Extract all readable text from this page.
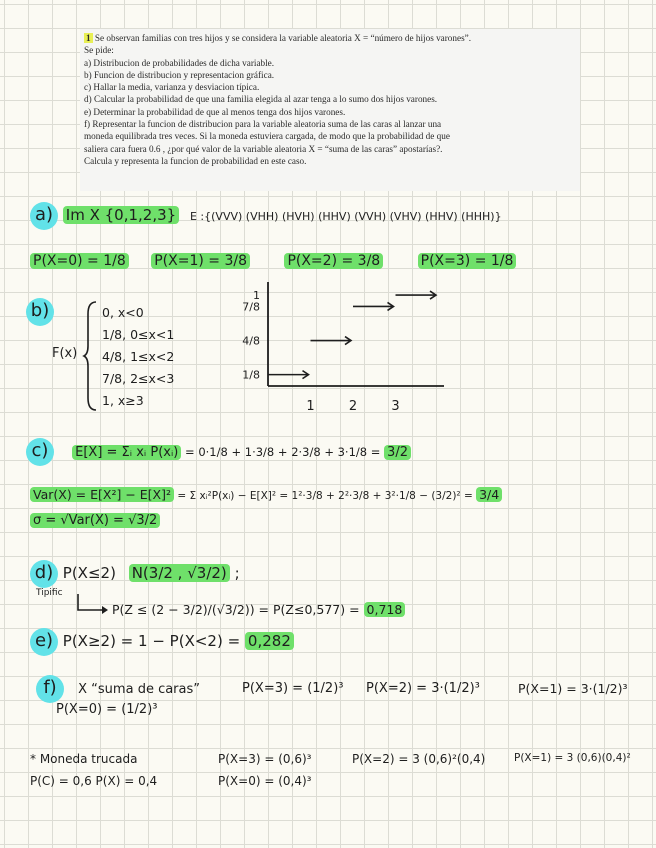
1 Se observan familias con tres hijos y se considera la variable aleatoria X = “número de hijos varones”.
Se pide:
a) Distribucion de probabilidades de dicha variable.
b) Funcion de distribucion y representacion gráfica.
c) Hallar la media, varianza y desviacion típica.
d) Calcular la probabilidad de que una familia elegida al azar tenga a lo sumo dos hijos varones.
e) Determinar la probabilidad de que al menos tenga dos hijos varones.
f) Representar la funcion de distribucion para la variable aleatoria suma de las caras al lanzar una
moneda equilibrada tres veces. Si la moneda estuviera cargada, de modo que la probabilidad de que
saliera cara fuera 0.6 , ¿por qué valor de la variable aleatoria X = “suma de las caras” apostarías?.
Calcula y representa la funcion de probabilidad en este caso.
a) Im X {0,1,2,3} E :{(VVV) (VHH) (HVH) (HHV) (VVH) (VHV) (HHV) (HHH)}
P(X=0) = 1/8 P(X=1) = 3/8	P(X=2) = 3/8	P(X=3) = 1/8
b)
F(x)
0, x<0
1/8, 0≤x<1
4/8, 1≤x<2
7/8, 2≤x<3
1, x≥3	1	2	3
1/8
4/8
7/8
1
c) E[X] = Σᵢ xᵢ P(xᵢ) = 0·1/8 + 1·3/8 + 2·3/8 + 3·1/8 = 3/2
Var(X) = E[X²] − E[X]² = Σ xᵢ²P(xᵢ) − E[X]² = 1²·3/8 + 2²·3/8 + 3²·1/8 − (3/2)² = 3/4
σ = √Var(X) = √3/2
d) P(X≤2) N(3/2 , √3/2) ;
Tipific
P(Z ≤ (2 − 3/2)/(√3/2)) = P(Z≤0,577) = 0,718
e) P(X≥2) = 1 − P(X<2) = 0,282
f) X “suma de caras”	P(X=3) = (1/2)³ P(X=2) = 3·(1/2)³	P(X=1) = 3·(1/2)³
P(X=0) = (1/2)³
* Moneda trucada
P(C) = 0,6 P(X) = 0,4
P(X=3) = (0,6)³	P(X=2) = 3 (0,6)²(0,4)	P(X=1) = 3 (0,6)(0,4)²
P(X=0) = (0,4)³
